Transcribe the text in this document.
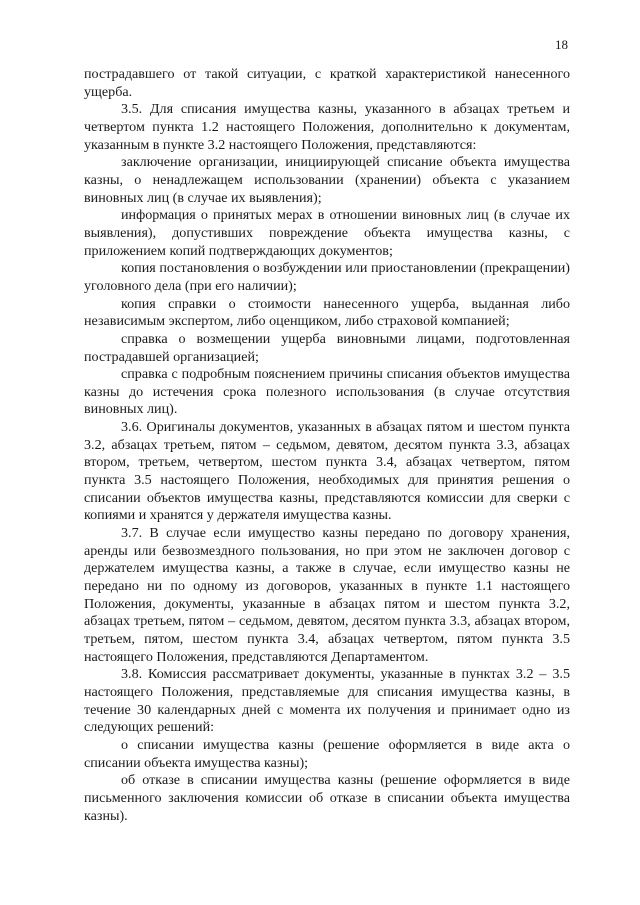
18

пострадавшего от такой ситуации, с краткой характеристикой нанесенного ущерба.

3.5. Для списания имущества казны, указанного в абзацах третьем и четвертом пункта 1.2 настоящего Положения, дополнительно к документам, указанным в пункте 3.2 настоящего Положения, представляются:

заключение организации, инициирующей списание объекта имущества казны, о ненадлежащем использовании (хранении) объекта с указанием виновных лиц (в случае их выявления);

информация о принятых мерах в отношении виновных лиц (в случае их выявления), допустивших повреждение объекта имущества казны, с приложением копий подтверждающих документов;

копия постановления о возбуждении или приостановлении (прекращении) уголовного дела (при его наличии);

копия справки о стоимости нанесенного ущерба, выданная либо независимым экспертом, либо оценщиком, либо страховой компанией;

справка о возмещении ущерба виновными лицами, подготовленная пострадавшей организацией;

справка с подробным пояснением причины списания объектов имущества казны до истечения срока полезного использования (в случае отсутствия виновных лиц).

3.6. Оригиналы документов, указанных в абзацах пятом и шестом пункта 3.2, абзацах третьем, пятом – седьмом, девятом, десятом пункта 3.3, абзацах втором, третьем, четвертом, шестом пункта 3.4, абзацах четвертом, пятом пункта 3.5 настоящего Положения, необходимых для принятия решения о списании объектов имущества казны, представляются комиссии для сверки с копиями и хранятся у держателя имущества казны.

3.7. В случае если имущество казны передано по договору хранения, аренды или безвозмездного пользования, но при этом не заключен договор с держателем имущества казны, а также в случае, если имущество казны не передано ни по одному из договоров, указанных в пункте 1.1 настоящего Положения, документы, указанные в абзацах пятом и шестом пункта 3.2, абзацах третьем, пятом – седьмом, девятом, десятом пункта 3.3, абзацах втором, третьем, пятом, шестом пункта 3.4, абзацах четвертом, пятом пункта 3.5 настоящего Положения, представляются Департаментом.

3.8. Комиссия рассматривает документы, указанные в пунктах 3.2 – 3.5 настоящего Положения, представляемые для списания имущества казны, в течение 30 календарных дней с момента их получения и принимает одно из следующих решений:

о списании имущества казны (решение оформляется в виде акта о списании объекта имущества казны);

об отказе в списании имущества казны (решение оформляется в виде письменного заключения комиссии об отказе в списании объекта имущества казны).
